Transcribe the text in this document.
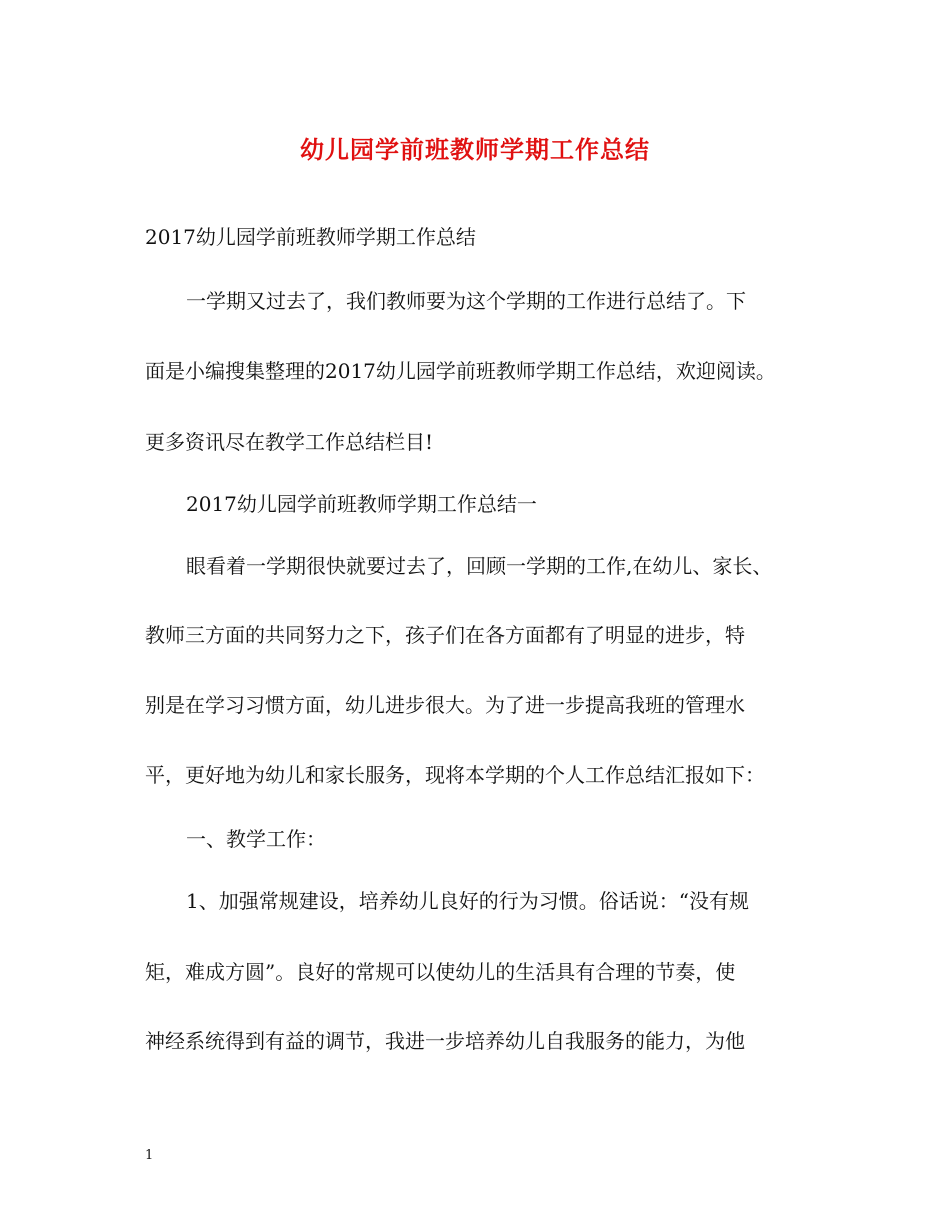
幼儿园学前班教师学期工作总结
2017幼儿园学前班教师学期工作总结
一学期又过去了，我们教师要为这个学期的工作进行总结了。下
面是小编搜集整理的2017幼儿园学前班教师学期工作总结，欢迎阅读。
更多资讯尽在教学工作总结栏目!
2017幼儿园学前班教师学期工作总结一
眼看着一学期很快就要过去了，回顾一学期的工作,在幼儿、家长、
教师三方面的共同努力之下，孩子们在各方面都有了明显的进步，特
别是在学习习惯方面，幼儿进步很大。为了进一步提高我班的管理水
平，更好地为幼儿和家长服务，现将本学期的个人工作总结汇报如下：
一、教学工作：
1、加强常规建设，培养幼儿良好的行为习惯。俗话说：“没有规
矩，难成方圆”。良好的常规可以使幼儿的生活具有合理的节奏，使
神经系统得到有益的调节，我进一步培养幼儿自我服务的能力，为他
1
